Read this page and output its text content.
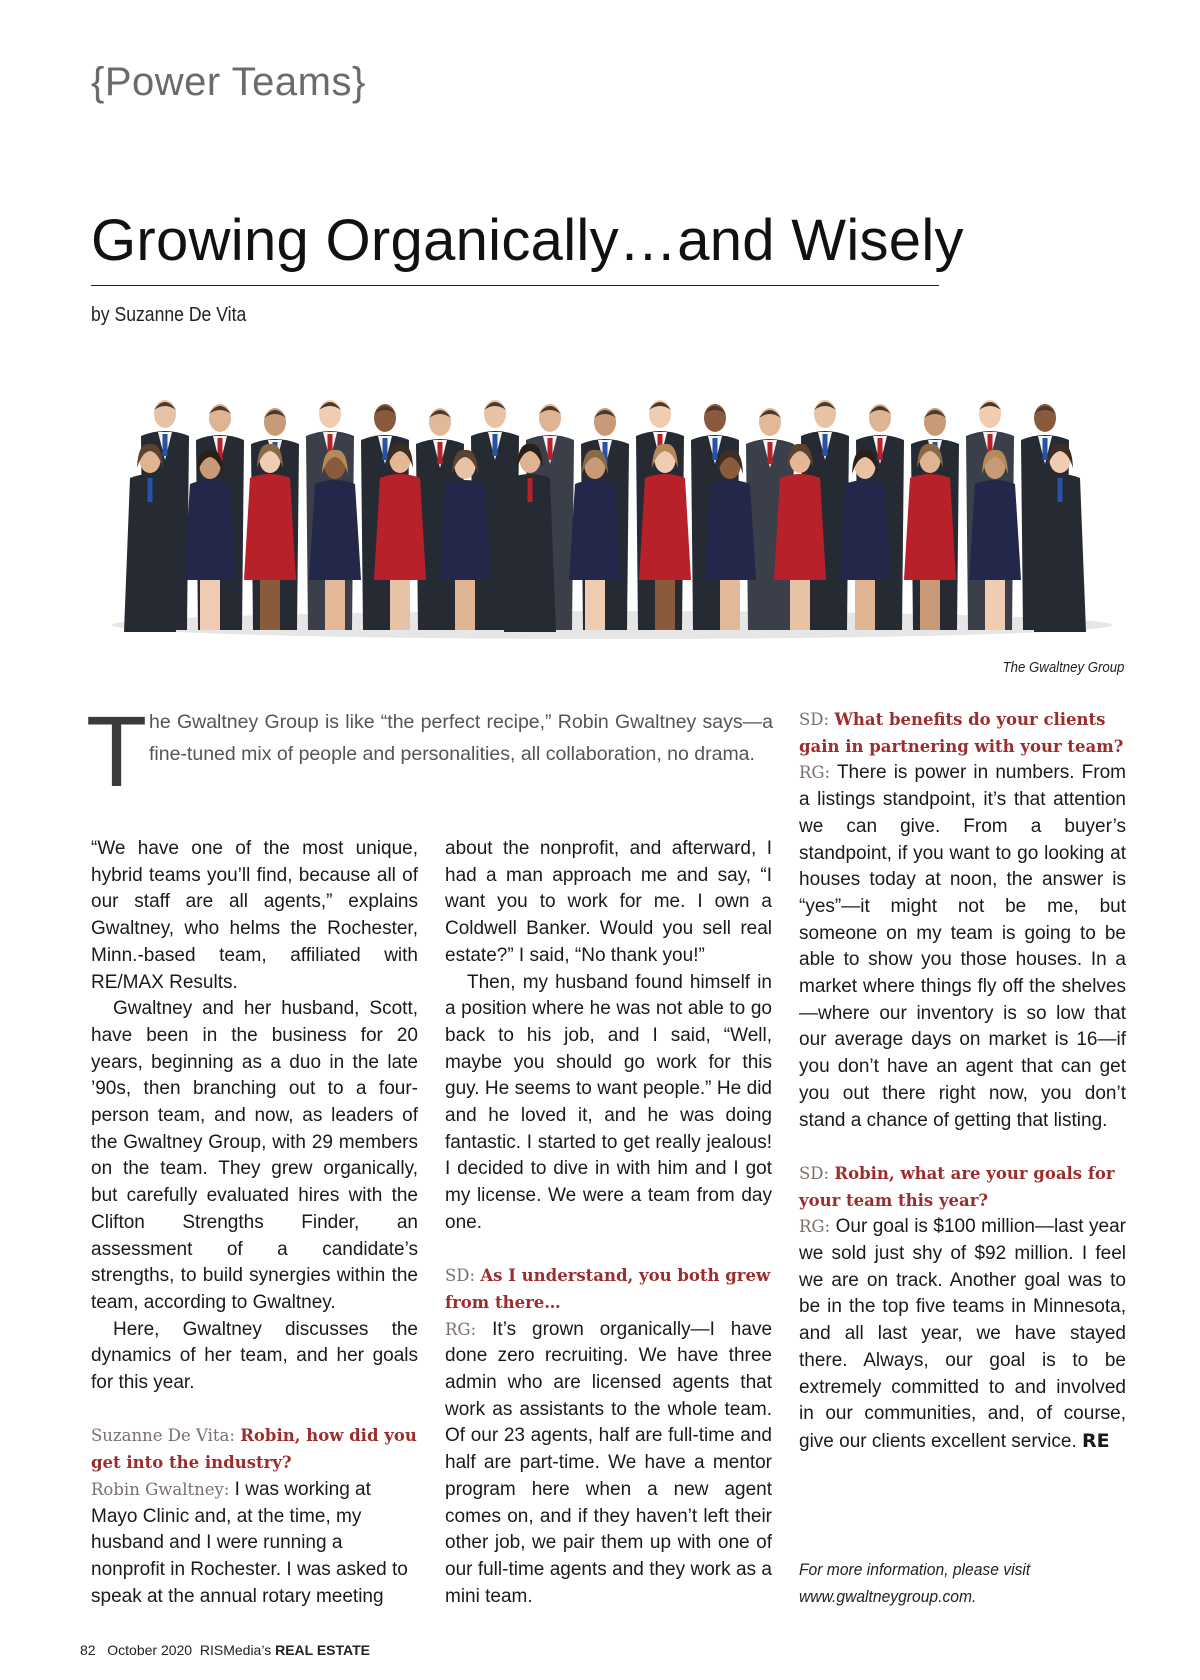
{Power Teams}
Growing Organically…and Wisely
by Suzanne De Vita
The Gwaltney Group
T he Gwaltney Group is like “the perfect recipe,” Robin Gwaltney says—a fine-tuned mix of people and personalities, all collaboration, no drama.

“We have one of the most unique, hybrid teams you’ll find, because all of our staff are all agents,” explains Gwaltney, who helms the Rochester, Minn.-based team, affiliated with RE/MAX Results.

Gwaltney and her husband, Scott, have been in the business for 20 years, beginning as a duo in the late ’90s, then branching out to a four-person team, and now, as leaders of the Gwaltney Group, with 29 members on the team. They grew organically, but carefully evaluated hires with the Clifton Strengths Finder, an assessment of a candidate’s strengths, to build synergies within the team, according to Gwaltney.

Here, Gwaltney discusses the dynamics of her team, and her goals for this year.

Suzanne De Vita: Robin, how did you get into the industry?

Robin Gwaltney: I was working at Mayo Clinic and, at the time, my husband and I were running a nonprofit in Rochester. I was asked to speak at the annual rotary meeting

about the nonprofit, and afterward, I had a man approach me and say, “I want you to work for me. I own a Coldwell Banker. Would you sell real estate?” I said, “No thank you!”

Then, my husband found himself in a position where he was not able to go back to his job, and I said, “Well, maybe you should go work for this guy. He seems to want people.” He did and he loved it, and he was doing fantastic. I started to get really jealous! I decided to dive in with him and I got my license. We were a team from day one.

SD: As I understand, you both grew from there…

RG: It’s grown organically—I have done zero recruiting. We have three admin who are licensed agents that work as assistants to the whole team. Of our 23 agents, half are full-time and half are part-time. We have a mentor program here when a new agent comes on, and if they haven’t left their other job, we pair them up with one of our full-time agents and they work as a mini team.

SD: What benefits do your clients gain in partnering with your team?

RG: There is power in numbers. From a listings standpoint, it’s that attention we can give. From a buyer’s standpoint, if you want to go looking at houses today at noon, the answer is “yes”—it might not be me, but someone on my team is going to be able to show you those houses. In a market where things fly off the shelves—where our inventory is so low that our average days on market is 16—if you don’t have an agent that can get you out there right now, you don’t stand a chance of getting that listing.

SD: Robin, what are your goals for your team this year?

RG: Our goal is $100 million—last year we sold just shy of $92 million. I feel we are on track. Another goal was to be in the top five teams in Minnesota, and all last year, we have stayed there. Always, our goal is to be extremely committed to and involved in our communities, and, of course, give our clients excellent service. RE

For more information, please visit www.gwaltneygroup.com.
82 October 2020 RISMedia’s REAL ESTATE
